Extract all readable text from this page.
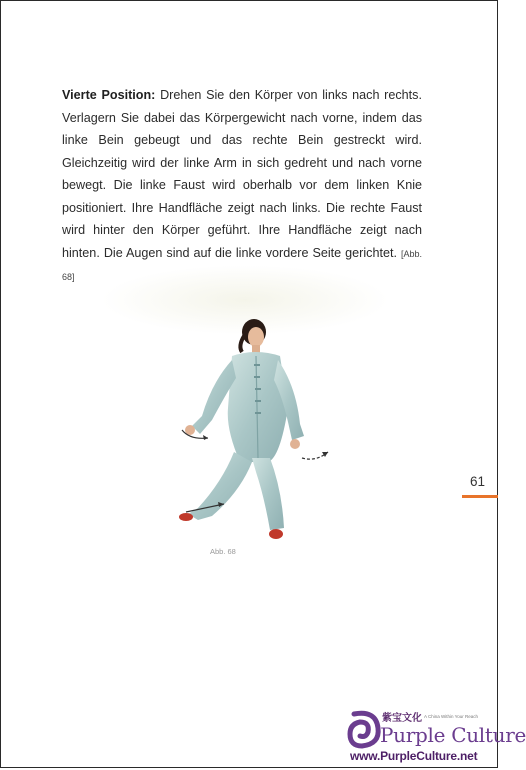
Vierte Position: Drehen Sie den Körper von links nach rechts. Verlagern Sie dabei das Körpergewicht nach vorne, indem das linke Bein gebeugt und das rechte Bein gestreckt wird. Gleichzeitig wird der linke Arm in sich gedreht und nach vorne bewegt. Die linke Faust wird oberhalb vor dem linken Knie positioniert. Ihre Handfläche zeigt nach links. Die rechte Faust wird hinter den Körper geführt. Ihre Handfläche zeigt nach hinten. Die Augen sind auf die linke vordere Seite gerichtet. [Abb. 68]

Abb. 68
61
紫宝文化 A China Within Your Reach
Purple Culture
www.PurpleCulture.net
